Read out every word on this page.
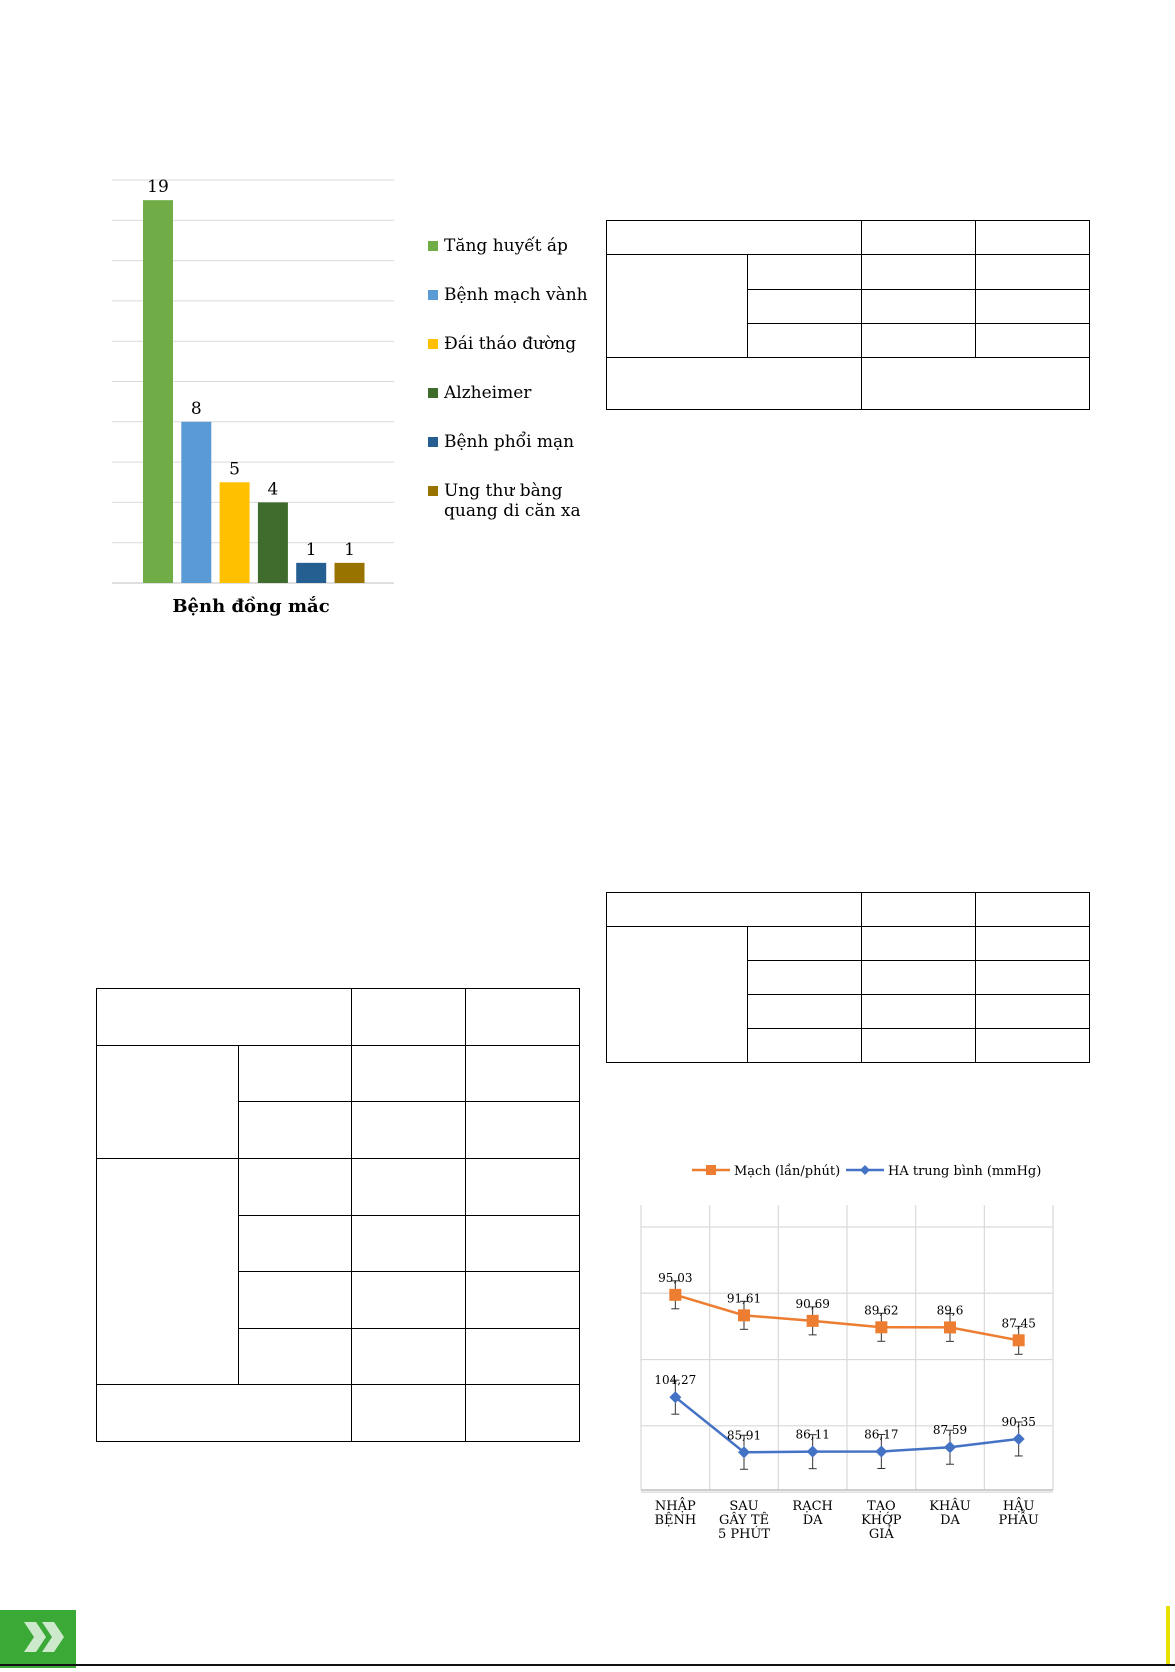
19
8
5
4
1 1
Bệnh đồng mắc
Tăng huyết áp
Bệnh mạch vành
Đái tháo đường
Alzheimer
Bệnh phổi mạn
Ung thư bàng quang di căn xa

Mạch (lần/phút)	HA trung bình (mmHg)
95,03
91,61	90,69	89,62	89,6
87,45
104,27
85,91	86,11	86,17	87,59
90,35
NHẬP BỆNH
SAU GÂY TÊ 5 PHÚT
RẠCH DA
TẠO KHỚP GIẢ
KHÂU DA
HẬU PHẪU
